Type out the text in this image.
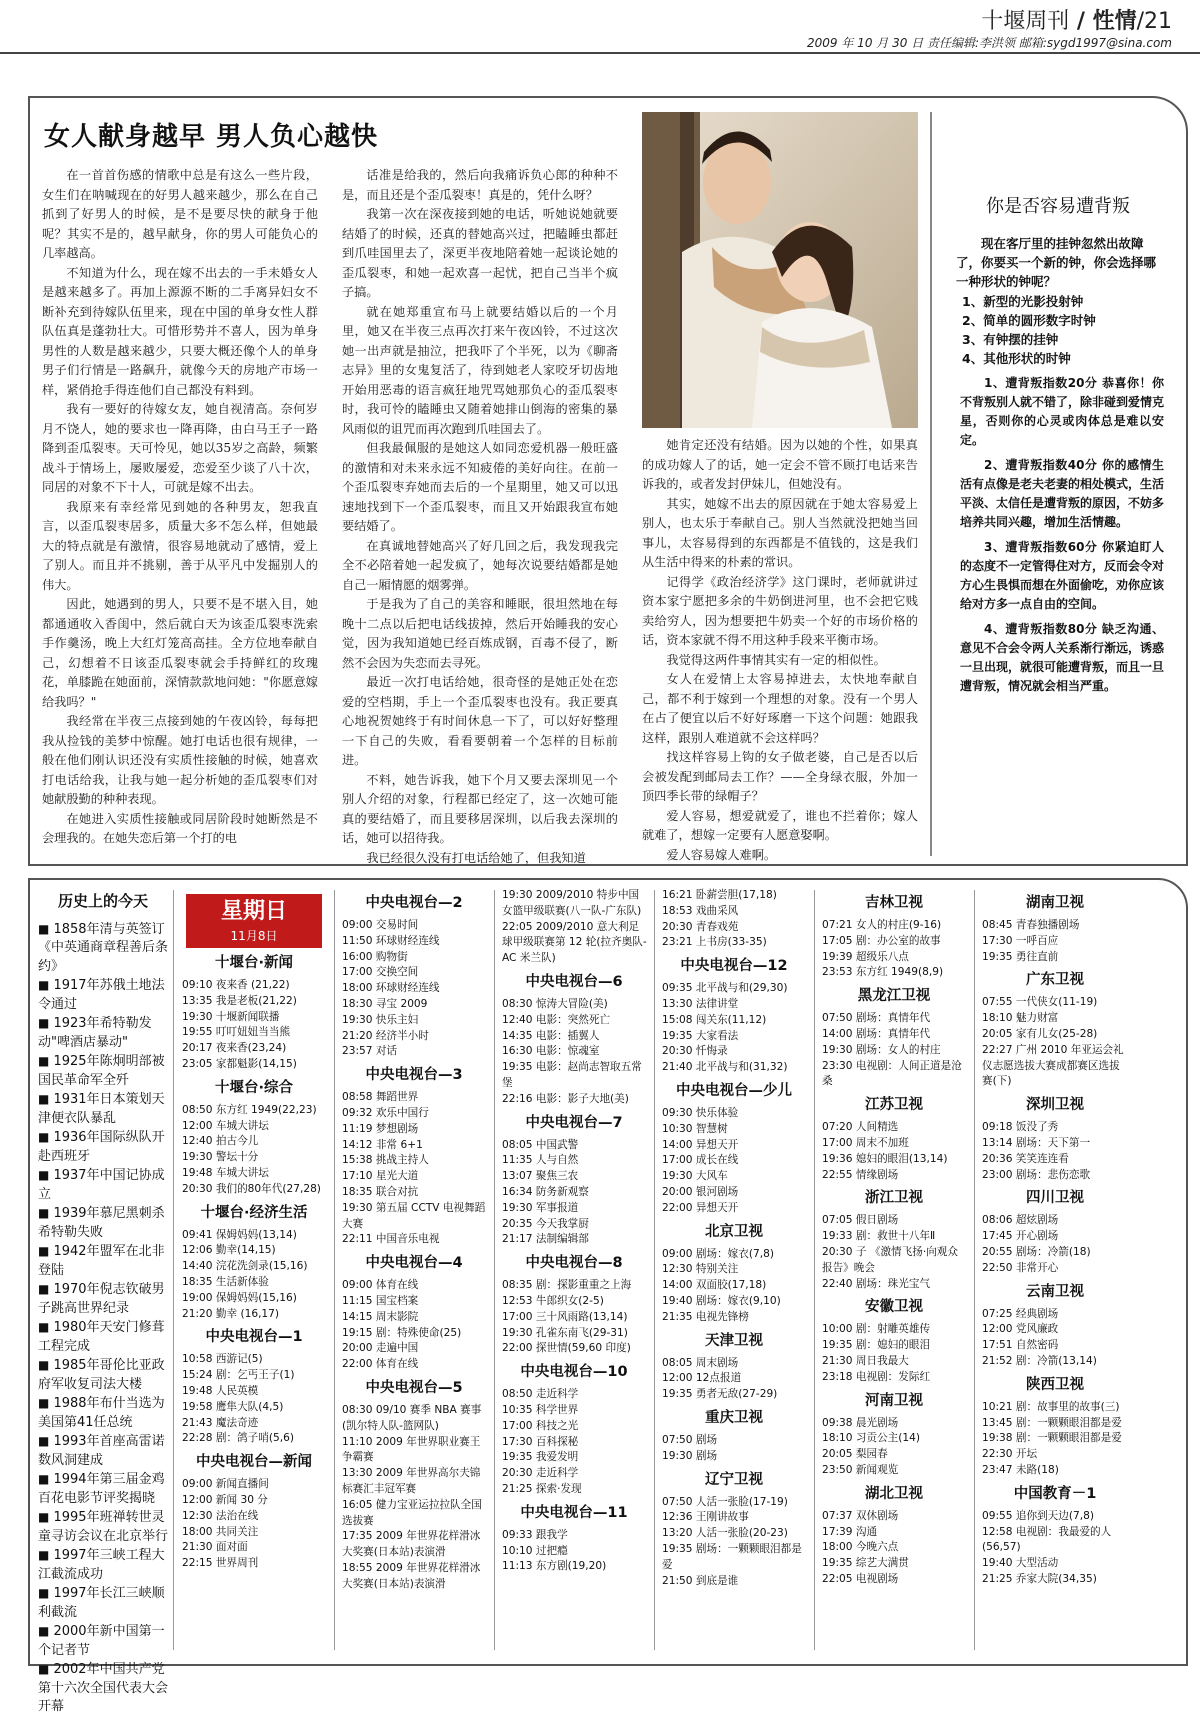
十堰周刊 / 性情/21
2009 年 10 月 30 日 责任编辑:李洪领 邮箱:sygd1997@sina.com
女人献身越早 男人负心越快

在一首首伤感的情歌中总是有这么一些片段，女生们在呐喊现在的好男人越来越少，那么在自己抓到了好男人的时候，是不是要尽快的献身于他呢？其实不是的，越早献身，你的男人可能负心的几率越高。

不知道为什么，现在嫁不出去的一手未婚女人是越来越多了。再加上源源不断的二手离异妇女不断补充到待嫁队伍里来，现在中国的单身女性人群队伍真是蓬勃壮大。可惜形势并不喜人，因为单身男性的人数是越来越少，只要大概还像个人的单身男子们行情是一路飙升，就像今天的房地产市场一样，紧俏抢手得连他们自己都没有料到。

我有一要好的待嫁女友，她自视清高。奈何岁月不饶人，她的要求也一降再降，由白马王子一路降到歪瓜裂枣。天可怜见，她以35岁之高龄，频繁战斗于情场上，屡败屡爱，恋爱至少谈了八十次，同居的对象不下十人，可就是嫁不出去。

我原来有幸经常见到她的各种男友，恕我直言，以歪瓜裂枣居多，质量大多不怎么样，但她最大的特点就是有激情，很容易地就动了感情，爱上了别人。而且并不挑剔，善于从平凡中发掘别人的伟大。

因此，她遇到的男人，只要不是不堪入目，她都通通收入香闺中，然后就白天为该歪瓜裂枣洗索手作羹汤，晚上大红灯笼高高挂。全方位地奉献自己，幻想着不日该歪瓜裂枣就会手持鲜红的玫瑰花，单膝跪在她面前，深情款款地问她："你愿意嫁给我吗？"

我经常在半夜三点接到她的午夜凶铃，每每把我从捡钱的美梦中惊醒。她打电话也很有规律，一般在他们刚认识还没有实质性接触的时候，她喜欢打电话给我，让我与她一起分析她的歪瓜裂枣们对她献殷勤的种种表现。

在她进入实质性接触或同居阶段时她断然是不会理我的。在她失恋后第一个打的电

话准是给我的，然后向我痛诉负心郎的种种不是，而且还是个歪瓜裂枣！真是的，凭什么呀？

我第一次在深夜接到她的电话，听她说她就要结婚了的时候，还真的替她高兴过，把瞌睡虫都赶到爪哇国里去了，深更半夜地陪着她一起谈论她的歪瓜裂枣，和她一起欢喜一起忧，把自己当半个疯子搞。

就在她郑重宣布马上就要结婚以后的一个月里，她又在半夜三点再次打来午夜凶铃，不过这次她一出声就是抽泣，把我吓了个半死，以为《聊斋志异》里的女鬼复活了，待到她老人家咬牙切齿地开始用恶毒的语言疯狂地咒骂她那负心的歪瓜裂枣时，我可怜的瞌睡虫又随着她排山倒海的密集的暴风雨似的诅咒而再次跑到爪哇国去了。

但我最佩服的是她这人如同恋爱机器一般旺盛的激情和对未来永远不知疲倦的美好向往。在前一个歪瓜裂枣弃她而去后的一个星期里，她又可以迅速地找到下一个歪瓜裂枣，而且又开始跟我宣布她要结婚了。

在真诚地替她高兴了好几回之后，我发现我完全不必陪着她一起发疯了，她每次说要结婚都是她自己一厢情愿的烟雾弹。

于是我为了自己的美容和睡眠，很坦然地在每晚十二点以后把电话线拔掉，然后开始睡我的安心觉，因为我知道她已经百炼成钢，百毒不侵了，断然不会因为失恋而去寻死。

最近一次打电话给她，很奇怪的是她正处在恋爱的空档期，手上一个歪瓜裂枣也没有。我正要真心地祝贺她终于有时间休息一下了，可以好好整理一下自己的失败，看看要朝着一个怎样的目标前进。

不料，她告诉我，她下个月又要去深圳见一个别人介绍的对象，行程都已经定了，这一次她可能真的要结婚了，而且要移居深圳，以后我去深圳的话，她可以招待我。

我已经很久没有打电话给她了，但我知道

她肯定还没有结婚。因为以她的个性，如果真的成功嫁人了的话，她一定会不管不顾打电话来告诉我的，或者发封伊妹儿，但她没有。

其实，她嫁不出去的原因就在于她太容易爱上别人，也太乐于奉献自己。别人当然就没把她当回事儿，太容易得到的东西都是不值钱的，这是我们从生活中得来的朴素的常识。

记得学《政治经济学》这门课时，老师就讲过资本家宁愿把多余的牛奶倒进河里，也不会把它贱卖给穷人，因为想要把牛奶卖一个好的市场价格的话，资本家就不得不用这种手段来平衡市场。

我觉得这两件事情其实有一定的相似性。

女人在爱情上太容易掉进去，太快地奉献自己，都不利于嫁到一个理想的对象。没有一个男人在占了便宜以后不好好琢磨一下这个问题：她跟我这样，跟别人难道就不会这样吗？

找这样容易上钩的女子做老婆，自己是否以后会被发配到邮局去工作？——全身绿衣服，外加一顶四季长带的绿帽子？

爱人容易，想爱就爱了，谁也不拦着你；嫁人就难了，想嫁一定要有人愿意娶啊。

爱人容易嫁人难啊。

你是否容易遭背叛

现在客厅里的挂钟忽然出故障了，你要买一个新的钟，你会选择哪一种形状的钟呢？

1、新型的光影投射钟
2、简单的圆形数字时钟
3、有钟摆的挂钟
4、其他形状的时钟

1、遭背叛指数20分 恭喜你！你不背叛别人就不错了，除非碰到爱情克星，否则你的心灵或肉体总是难以安定。

2、遭背叛指数40分 你的感情生活有点像是老夫老妻的相处模式，生活平淡、太信任是遭背叛的原因，不妨多培养共同兴趣，增加生活情趣。

3、遭背叛指数60分 你紧迫盯人的态度不一定管得住对方，反而会令对方心生畏惧而想在外面偷吃，劝你应该给对方多一点自由的空间。

4、遭背叛指数80分 缺乏沟通、意见不合会令两人关系渐行渐远，诱惑一旦出现，就很可能遭背叛，而且一旦遭背叛，情况就会相当严重。

历史上的今天
■ 1858年清与英签订《中英通商章程善后条约》
■ 1917年苏俄土地法令通过
■ 1923年希特勒发动"啤酒店暴动"
■ 1925年陈炯明部被国民革命军全歼
■ 1931年日本策划天津便衣队暴乱
■ 1936年国际纵队开赴西班牙
■ 1937年中国记协成立
■ 1939年慕尼黑刺杀希特勒失败
■ 1942年盟军在北非登陆
■ 1970年倪志钦破男子跳高世界纪录
■ 1980年天安门修葺工程完成
■ 1985年哥伦比亚政府军收复司法大楼
■ 1988年布什当选为美国第41任总统
■ 1993年首座高雷诺数风洞建成
■ 1994年第三届金鸡百花电影节评奖揭晓
■ 1995年班禅转世灵童寻访会议在北京举行
■ 1997年三峡工程大江截流成功
■ 1997年长江三峡顺利截流
■ 2000年新中国第一个记者节
■ 2002年中国共产党第十六次全国代表大会开幕
星期日
11月8日
十堰台·新闻
09:10 夜来香 (21,22)
13:35 我是老板(21,22)
19:30 十堰新闻联播
19:55 叮叮妞妞当当熊
20:17 夜来香(23,24)
23:05 家都魁影(14,15)
十堰台·综合
08:50 东方红 1949(22,23)
12:00 车城大讲坛
12:40 拍古今儿
19:30 警坛十分
19:48 车城大讲坛
20:30 我们的80年代(27,28)
十堰台·经济生活
09:41 保姆妈妈(13,14)
12:06 勤幸(14,15)
14:40 浣花洗剑录(15,16)
18:35 生活新体验
19:00 保姆妈妈(15,16)
21:20 勤幸 (16,17)
中央电视台—1
10:58 西游记(5)
15:24 剧：乞丐王子(1)
19:48 人民英模
19:58 鹰隼大队(4,5)
21:43 魔法奇迹
22:28 剧：鸽子哨(5,6)
中央电视台—新闻
09:00 新闻直播间
12:00 新闻 30 分
12:30 法治在线
18:00 共同关注
21:30 面对面
22:15 世界周刊
中央电视台—2
09:00 交易时间
11:50 环球财经连线
16:00 购物街
17:00 交换空间
18:00 环球财经连线
18:30 寻宝 2009
19:30 快乐主妇
21:20 经济半小时
23:57 对话
中央电视台—3
08:58 舞蹈世界
09:32 欢乐中国行
11:19 梦想剧场
14:12 非常 6+1
15:38 挑战主持人
17:10 星光大道
18:35 联合对抗
19:30 第五届 CCTV 电视舞蹈大赛
22:11 中国音乐电视
中央电视台—4
09:00 体育在线
11:15 国宝档案
14:15 周末影院
19:15 剧：特殊使命(25)
20:00 走遍中国
22:00 体育在线
中央电视台—5
08:30 09/10 赛季 NBA 赛事(凯尔特人队-篮网队)
11:10 2009 年世界职业赛王争霸赛
13:30 2009 年世界高尔夫锦标赛汇丰冠军赛
16:05 健力宝亚运拉拉队全国选拔赛
17:35 2009 年世界花样滑冰大奖赛(日本站)表演滑
18:55 2009 年世界花样滑冰大奖赛(日本站)表演滑
19:30 2009/2010 特步中国女篮甲级联赛(八一队-广东队)
22:05 2009/2010 意大利足球甲级联赛第 12 轮(拉齐奥队-AC 米兰队)
中央电视台—6
08:30 惊涛大冒险(美)
12:40 电影：突然死亡
14:35 电影：插翼人
16:30 电影：惊魂室
19:35 电影：赵尚志智取五常堡
22:16 电影：影子大地(美)
中央电视台—7
08:05 中国武警
11:35 人与自然
13:07 聚焦三农
16:34 防务新观察
19:30 军事报道
20:35 今天我掌厨
21:17 法制编辑部
中央电视台—8
08:35 剧：探影重重之上海
12:53 牛郎织女(2-5)
17:00 三十风雨路(13,14)
19:30 孔雀东南飞(29-31)
22:00 探世情(59,60 印度)
中央电视台—10
08:50 走近科学
10:35 科学世界
17:00 科技之光
17:30 百科探秘
19:35 我爱发明
20:30 走近科学
21:25 探索·发现
中央电视台—11
09:33 跟我学
10:10 过把瘾
11:13 东方剧(19,20)
16:21 卧薪尝胆(17,18)
18:53 戏曲采风
20:30 青春戏苑
23:21 上书房(33-35)
中央电视台—12
09:35 北平战与和(29,30)
13:30 法律讲堂
15:08 闯关东(11,12)
19:35 大家看法
20:30 忏悔录
21:40 北平战与和(31,32)
中央电视台—少儿
09:30 快乐体验
10:30 智慧树
14:00 异想天开
17:00 成长在线
19:30 大风车
20:00 银河剧场
22:00 异想天开
北京卫视
09:00 剧场：嫁衣(7,8)
12:30 特别关注
14:00 双面胶(17,18)
19:40 剧场：嫁衣(9,10)
21:35 电视先锋榜
天津卫视
08:05 周末剧场
12:00 12点报道
19:35 勇者无敌(27-29)
重庆卫视
07:50 剧场
19:30 剧场
辽宁卫视
07:50 人活一张脸(17-19)
12:36 王刚讲故事
13:20 人活一张脸(20-23)
19:35 剧场：一颗颗眼泪都是爱
21:50 到底是谁
吉林卫视
07:21 女人的村庄(9-16)
17:05 剧：办公室的故事
19:39 超级乐八点
23:53 东方红 1949(8,9)
黑龙江卫视
07:50 剧场：真情年代
14:00 剧场：真情年代
19:30 剧场：女人的村庄
23:30 电视剧：人间正道是沧桑
江苏卫视
07:20 人间精选
17:00 周末不加班
19:36 媳妇的眼泪(13,14)
22:55 情缘剧场
浙江卫视
07:05 假日剧场
19:33 剧：救世十八年Ⅱ
20:30 子 《激情飞扬·向观众报告》晚会
22:40 剧场：珠光宝气
安徽卫视
10:00 剧：射雕英雄传
19:35 剧：媳妇的眼泪
21:30 周日我最大
23:18 电视剧：发际红
河南卫视
09:38 晨光剧场
18:10 习贡公主(14)
20:05 梨园春
23:50 新闻观览
湖北卫视
07:37 双休剧场
17:39 沟通
18:00 今晚六点
19:35 综艺大满贯
22:05 电视剧场
湖南卫视
08:45 青春独播剧场
17:30 一呼百应
19:35 勇往直前
广东卫视
07:55 一代侠女(11-19)
18:10 魅力财富
20:05 家有儿女(25-28)
22:27 广州 2010 年亚运会礼仪志愿选拔大赛成都赛区选拔赛(下)
深圳卫视
09:18 饭没了秀
13:14 剧场：天下第一
20:36 笑笑连连看
23:00 剧场：悲伤恋歌
四川卫视
08:06 超炫剧场
17:45 开心剧场
20:55 剧场：冷箭(18)
22:50 非常开心
云南卫视
07:25 经典剧场
12:00 党风廉政
17:51 自然密码
21:52 剧：冷箭(13,14)
陕西卫视
10:21 剧：故事里的故事(三)
13:45 剧：一颗颗眼泪都是爱
19:38 剧：一颗颗眼泪都是爱
22:30 开坛
23:47 未路(18)
中国教育－1
09:55 追你到天边(7,8)
12:58 电视剧：我最爱的人(56,57)
19:40 大型活动
21:25 乔家大院(34,35)
